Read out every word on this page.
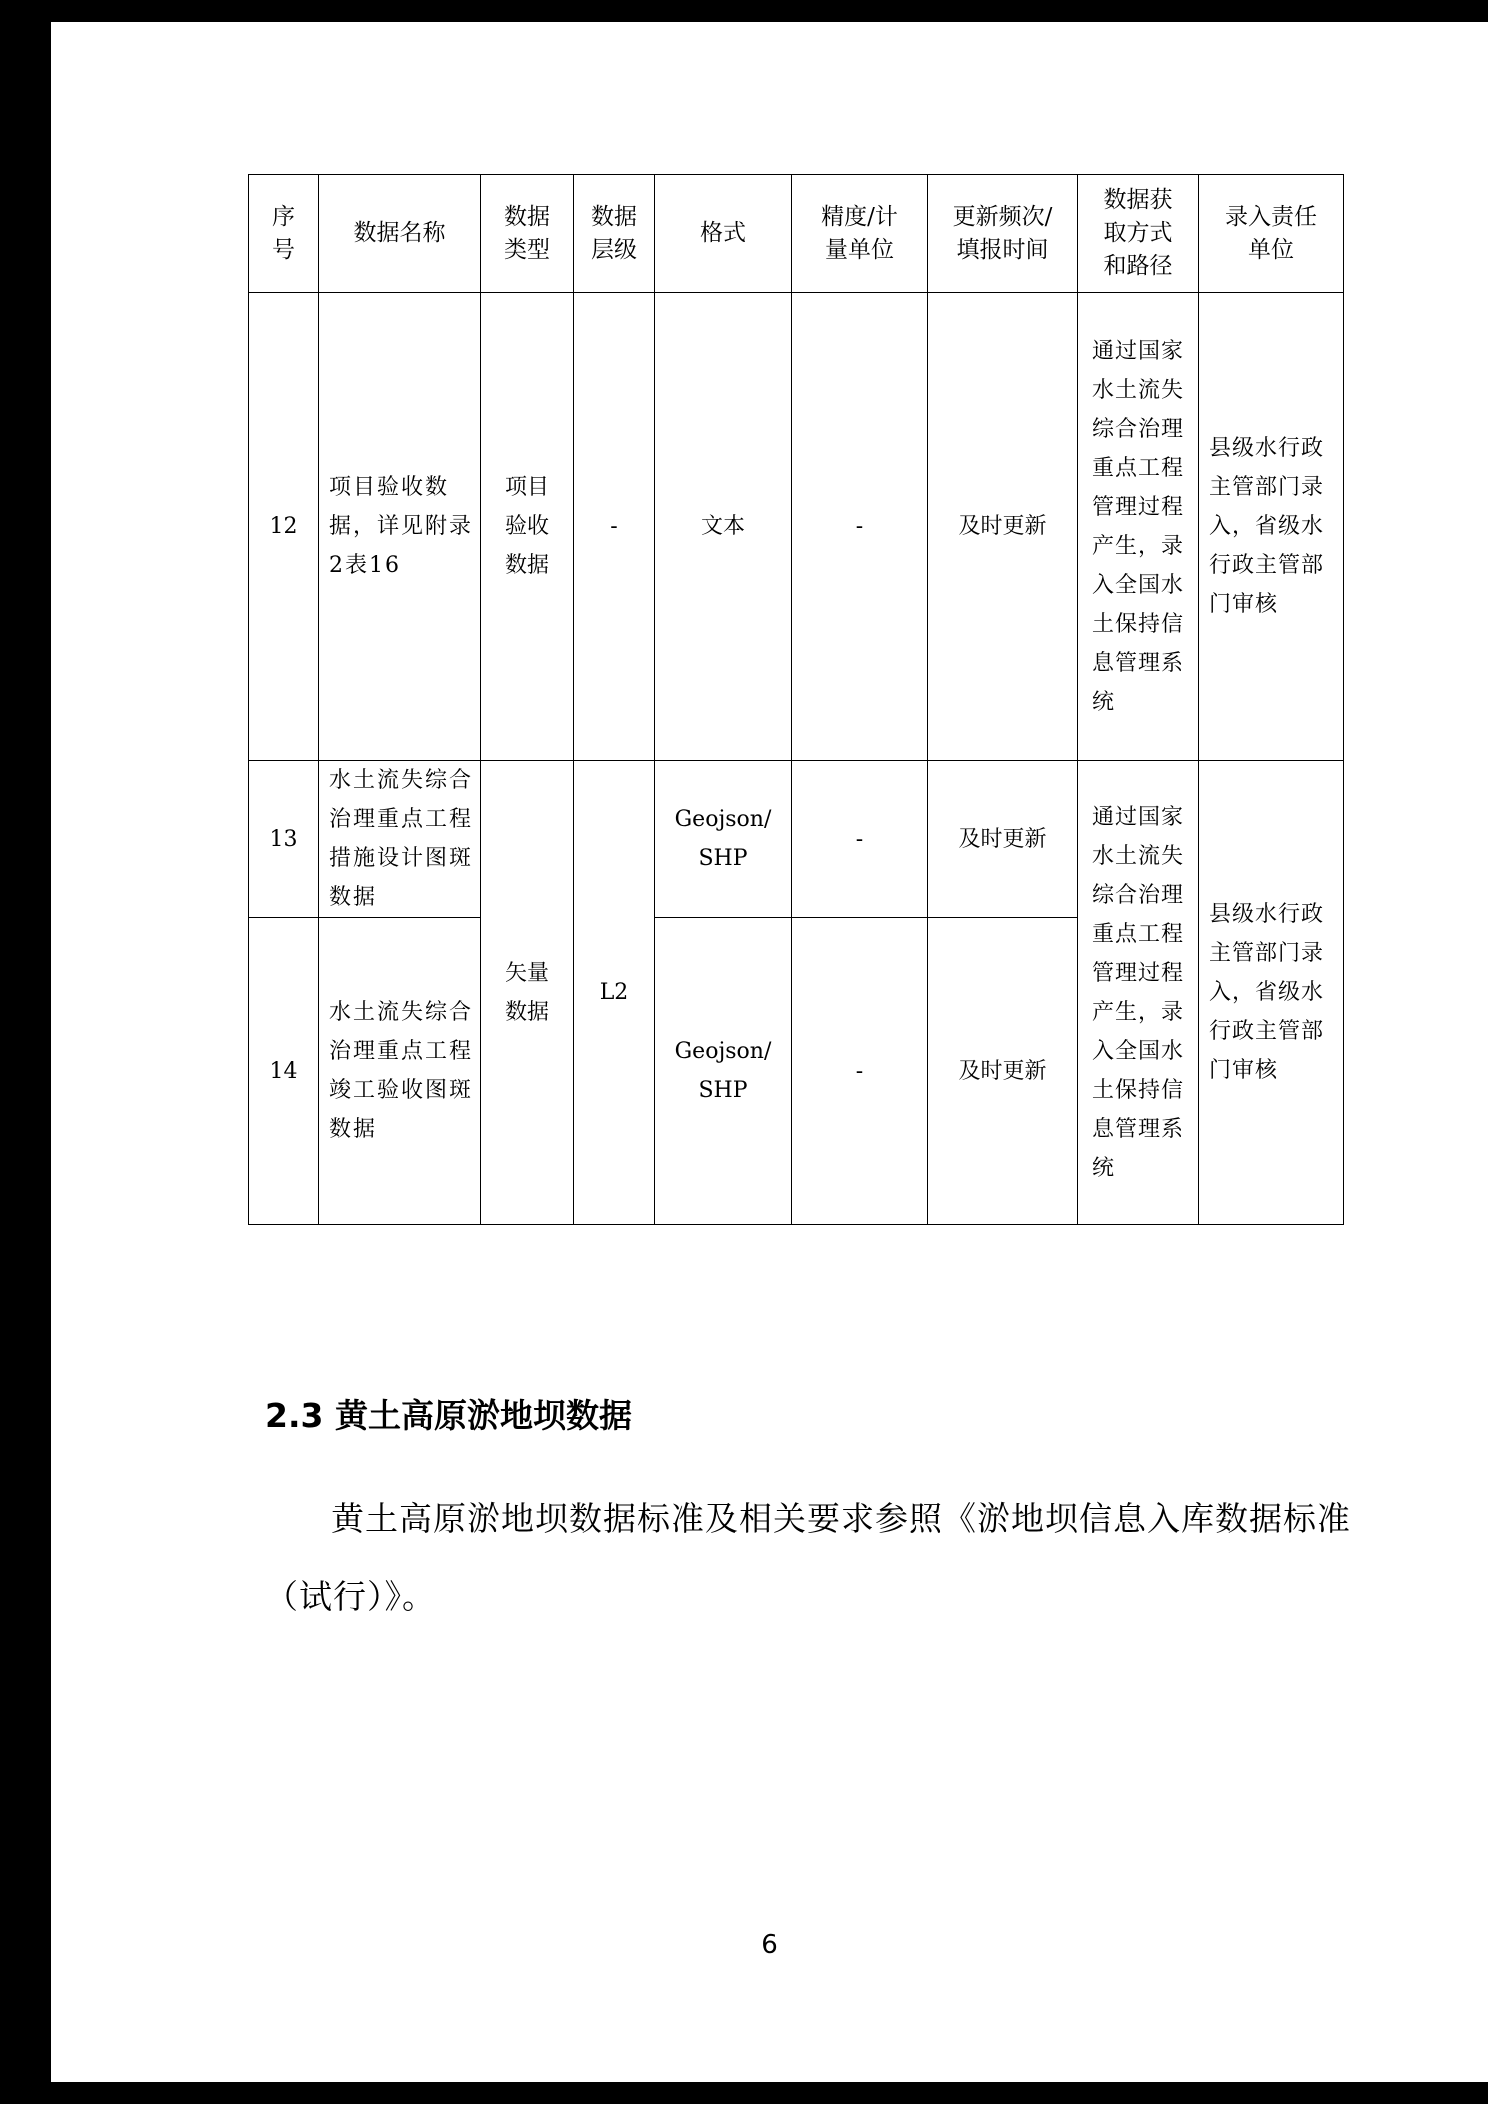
序号	数据名称	数据类型	数据层级	格式	精度/计量单位	更新频次/填报时间	数据获取方式和路径	录入责任单位

12	项目验收数据，详见附录2表16	项目验收数据	-	文本	-	及时更新	通过国家水土流失综合治理重点工程管理过程产生，录入全国水土保持信息管理系统	县级水行政主管部门录入，省级水行政主管部门审核

13	水土流失综合治理重点工程措施设计图斑数据	矢量数据	L2	Geojson/SHP	-	及时更新	通过国家水土流失综合治理重点工程管理过程产生，录入全国水土保持信息管理系统	县级水行政主管部门录入，省级水行政主管部门审核

14	水土流失综合治理重点工程竣工验收图斑数据			Geojson/SHP	-	及时更新		
2.3 黄土高原淤地坝数据
黄土高原淤地坝数据标准及相关要求参照《淤地坝信息入库数据标准（试行）》。
6
